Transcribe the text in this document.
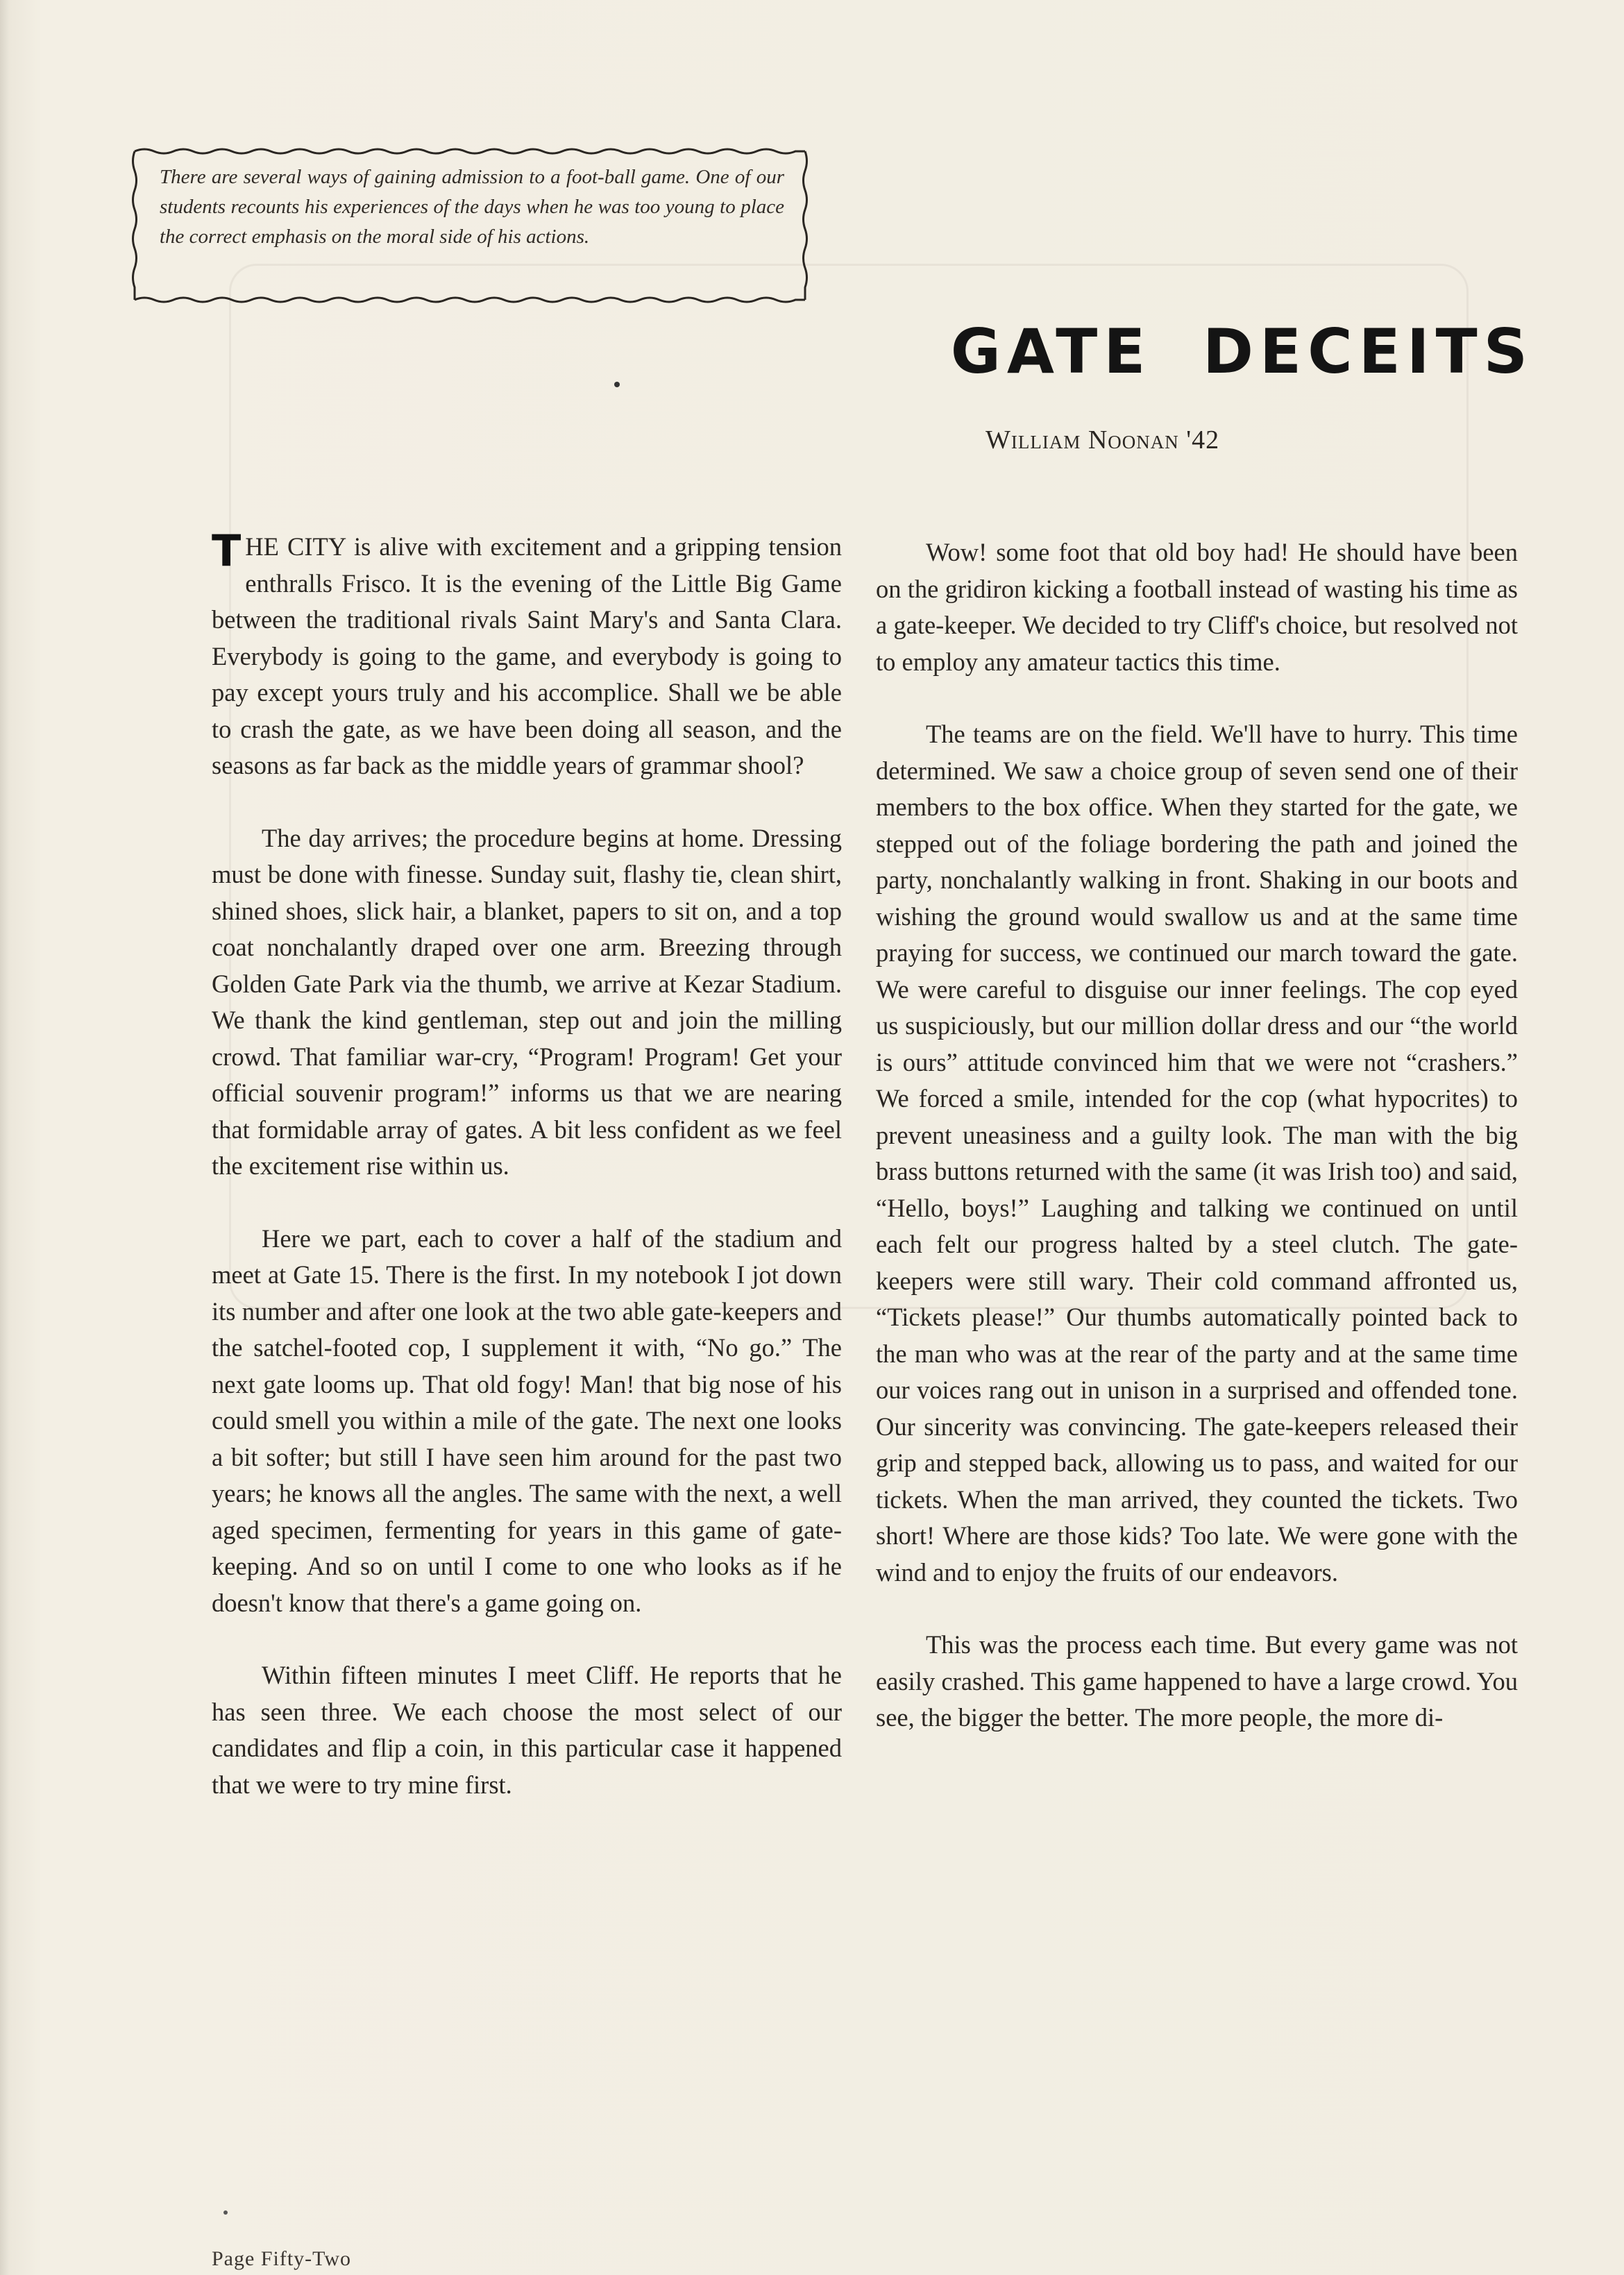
There are several ways of gaining admission to a foot-ball game. One of our students recounts his experiences of the days when he was too young to place the correct emphasis on the moral side of his actions.
GATE DECEITS
William Noonan '42

THE CITY is alive with excitement and a gripping tension enthralls Frisco. It is the evening of the Little Big Game between the traditional rivals Saint Mary's and Santa Clara. Everybody is going to the game, and everybody is going to pay except yours truly and his accomplice. Shall we be able to crash the gate, as we have been doing all season, and the seasons as far back as the middle years of grammar shool?

The day arrives; the procedure begins at home. Dressing must be done with finesse. Sunday suit, flashy tie, clean shirt, shined shoes, slick hair, a blanket, papers to sit on, and a top coat nonchalantly draped over one arm. Breezing through Golden Gate Park via the thumb, we arrive at Kezar Stadium. We thank the kind gentleman, step out and join the milling crowd. That familiar war-cry, “Program! Program! Get your official souvenir program!” informs us that we are nearing that formidable array of gates. A bit less confident as we feel the excitement rise within us.

Here we part, each to cover a half of the stadium and meet at Gate 15. There is the first. In my notebook I jot down its number and after one look at the two able gate-keepers and the satchel-footed cop, I supplement it with, “No go.” The next gate looms up. That old fogy! Man! that big nose of his could smell you within a mile of the gate. The next one looks a bit softer; but still I have seen him around for the past two years; he knows all the angles. The same with the next, a well aged specimen, fermenting for years in this game of gate-keeping. And so on until I come to one who looks as if he doesn't know that there's a game going on.

Within fifteen minutes I meet Cliff. He reports that he has seen three. We each choose the most select of our candidates and flip a coin, in this particular case it happened that we were to try mine first.

Wow! some foot that old boy had! He should have been on the gridiron kicking a football instead of wasting his time as a gate-keeper. We decided to try Cliff's choice, but resolved not to employ any amateur tactics this time.

The teams are on the field. We'll have to hurry. This time determined. We saw a choice group of seven send one of their members to the box office. When they started for the gate, we stepped out of the foliage bordering the path and joined the party, nonchalantly walking in front. Shaking in our boots and wishing the ground would swallow us and at the same time praying for success, we continued our march toward the gate. We were careful to disguise our inner feelings. The cop eyed us suspiciously, but our million dollar dress and our “the world is ours” attitude convinced him that we were not “crashers.” We forced a smile, intended for the cop (what hypocrites) to prevent uneasiness and a guilty look. The man with the big brass buttons returned with the same (it was Irish too) and said, “Hello, boys!” Laughing and talking we continued on until each felt our progress halted by a steel clutch. The gate-keepers were still wary. Their cold command affronted us, “Tickets please!” Our thumbs automatically pointed back to the man who was at the rear of the party and at the same time our voices rang out in unison in a surprised and offended tone. Our sincerity was convincing. The gate-keepers released their grip and stepped back, allowing us to pass, and waited for our tickets. When the man arrived, they counted the tickets. Two short! Where are those kids? Too late. We were gone with the wind and to enjoy the fruits of our endeavors.

This was the process each time. But every game was not easily crashed. This game happened to have a large crowd. You see, the bigger the better. The more people, the more di-

Page Fifty-Two
